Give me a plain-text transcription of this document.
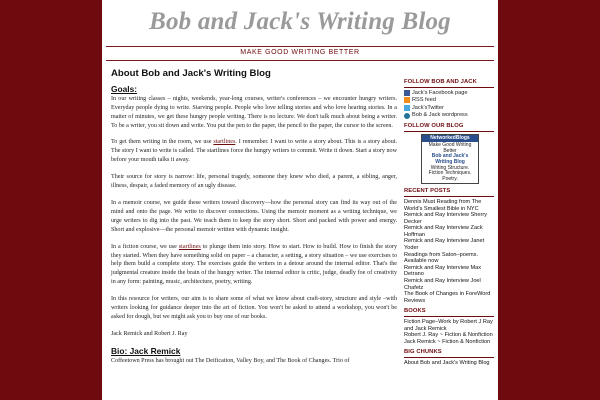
Bob and Jack's Writing Blog
MAKE GOOD WRITING BETTER
About Bob and Jack's Writing Blog
Goals:

In our writing classes – nights, weekends, year-long courses, writer's conferences – we encounter hungry writers. Everyday people dying to write. Starving people. People who love telling stories and who love hearing stories. In a matter of minutes, we get these hungry people writing. There is no lecture. We don't talk much about being a writer. To be a writer, you sit down and write. You put the pen to the paper, the pencil to the paper, the cursor to the screen.

To get them writing in the room, we use startlines. I remember. I want to write a story about. This is a story about. The story I want to write is called. The startlines force the hungry writers to commit. Write it down. Start a story now before your mouth talks it away.

Their source for story is narrow: life, personal tragedy, someone they knew who died, a parent, a sibling, anger, illness, despair, a faded memory of an ugly disease.

In a memoir course, we guide these writers toward discovery—how the personal story can find its way out of the mind and onto the page. We write to discover connections. Using the memoir moment as a writing technique, we urge writers to dig into the past. We teach them to keep the story short. Short and packed with power and energy. Short and explosive—the personal memoir written with dynamic insight.

In a fiction course, we use startlines to plunge them into story. How to start. How to build. How to finish the story they started. When they have something solid on paper – a character, a setting, a story situation – we use exercises to help them build a complete story. The exercises guide the writers in a detour around the internal editor. That's the judgmental creature inside the brain of the hungry writer. The internal editor is critic, judge, deadly foe of creativity in any form: painting, music, architecture, poetry, writing.

In this resource for writers, our aim is to share some of what we know about craft-story, structure and style –with writers looking for guidance deeper into the art of fiction. You won't be asked to attend a workshop, you won't be asked for dough, but we might ask you to buy one of our books.

Jack Remick and Robert J. Ray

Bio: Jack Remick

Coffeetown Press has brought out The Deification, Valley Boy, and The Book of Changes. Trio of

FOLLOW BOB AND JACK
Jack's Facebook page
RSS feed
Jack'sTwitter
Bob & Jack wordpress
FOLLOW OUR BLOG
NetworkedBlogs
Make Good Writing Better
Bob and Jack's Writing Blog
Writing Structure. Fiction Techniques. Poetry.
RECENT POSTS
Dennis Must Reading from The World's Smallest Bible in NYC
Remick and Ray Interview Sherry Decker
Remick and Ray Interview Zack Hoffman
Remick and Ray Interview Janet Yoder
Readings from Saton–poems. Available now
Remick and Ray Interview Max Detrano
Remick and Ray Interview Joel Chafetz
The Book of Changes in ForeWord Reviews
BOOKS
Fiction Page–Work by Robert J Ray and Jack Remick
Robert J. Ray ~ Fiction & Nonfiction
Jack Remick ~ Fiction & Nonfiction
BIG CHUNKS
About Bob and Jack's Writing Blog
